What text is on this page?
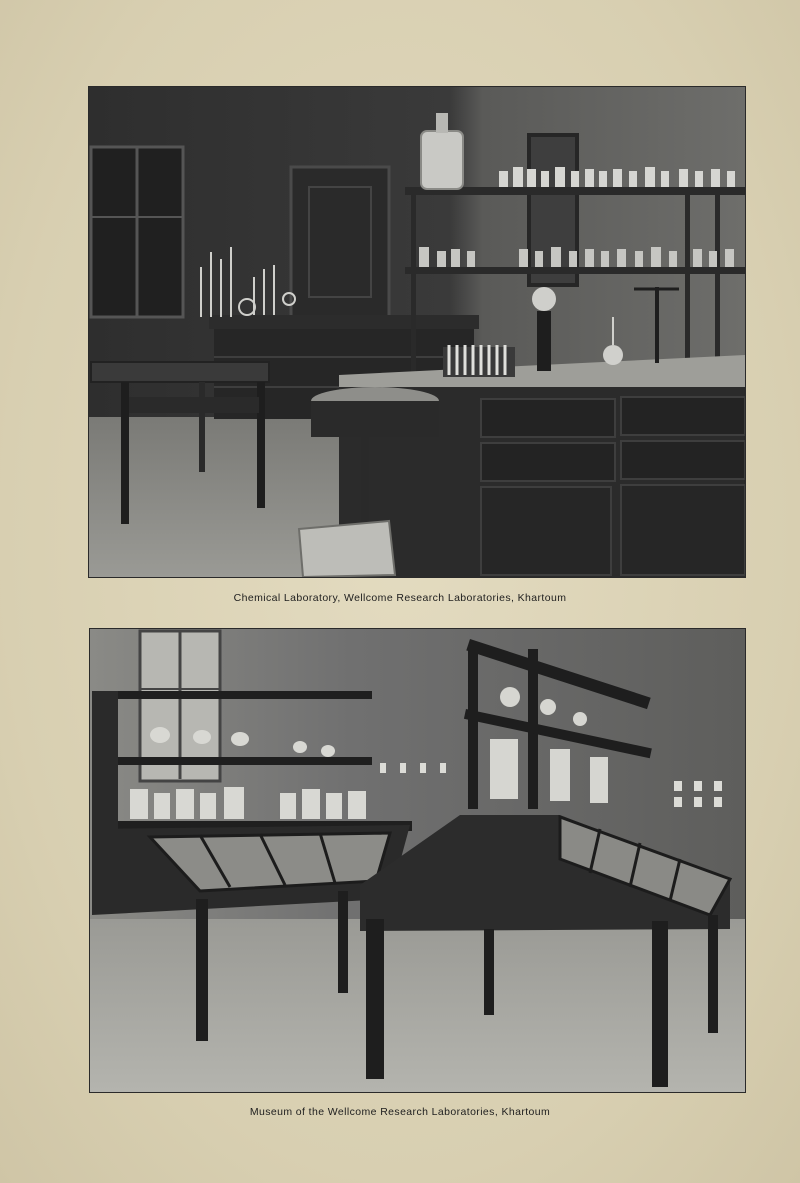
Chemical Laboratory, Wellcome Research Laboratories, Khartoum
Museum of the Wellcome Research Laboratories, Khartoum
